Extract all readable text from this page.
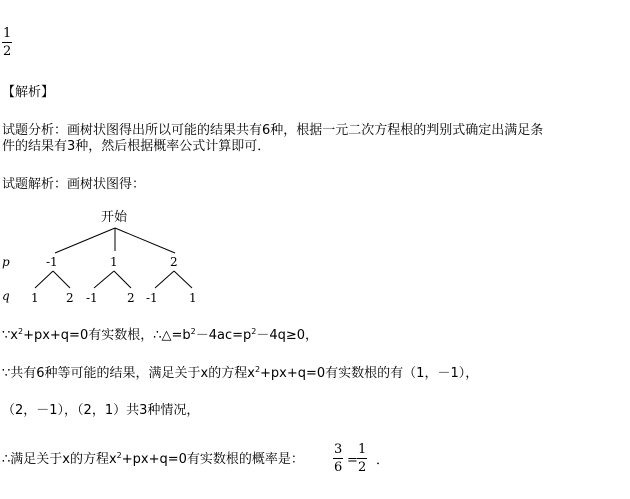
1
2
【解析】
试题分析：画树状图得出所以可能的结果共有6种，根据一元二次方程根的判别式确定出满足条
件的结果有3种，然后根据概率公式计算即可．
试题解析：画树状图得：
开始
p
q
-1	1	2
1 2 -1 2 -1	1
$\because x^2+px+q=0$有实数根，$\therefore\triangle=b^2-4ac=p^2-4q\ge 0$，
∵共有6种等可能的结果，满足关于x的方程$x^2+px+q=0$有实数根的有（1，－1），
（2，－1），（2，1）共3种情况，
∴满足关于x的方程$x^2+px+q=0$有实数根的概率是：
3
6 =
1
2 ．
